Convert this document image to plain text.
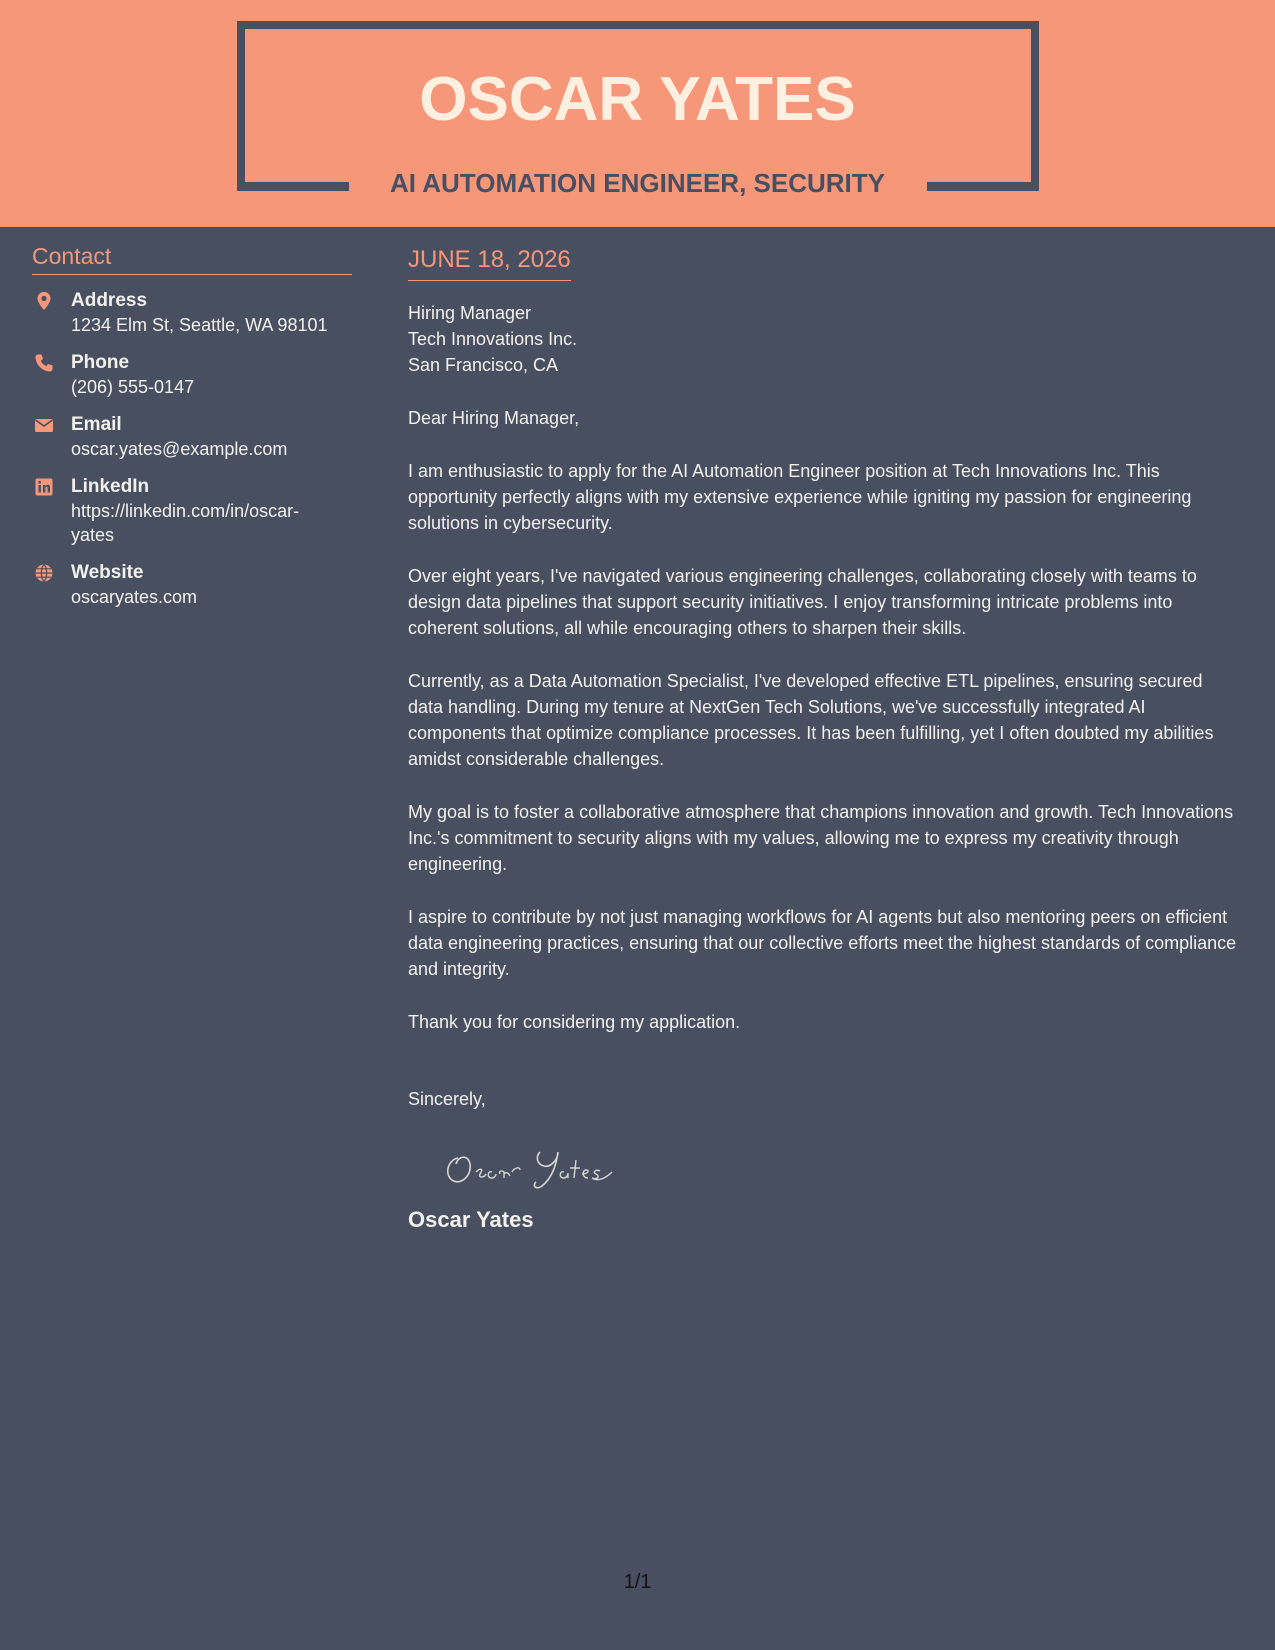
OSCAR YATES
AI AUTOMATION ENGINEER, SECURITY
Contact
Address
1234 Elm St, Seattle, WA 98101
Phone
(206) 555-0147
Email
oscar.yates@example.com
LinkedIn
https://linkedin.com/in/oscar-
yates
Website
oscaryates.com
JUNE 18, 2026
Hiring Manager
Tech Innovations Inc.
San Francisco, CA

Dear Hiring Manager,

I am enthusiastic to apply for the AI Automation Engineer position at Tech Innovations Inc. This opportunity perfectly aligns with my extensive experience while igniting my passion for engineering solutions in cybersecurity.

Over eight years, I've navigated various engineering challenges, collaborating closely with teams to design data pipelines that support security initiatives. I enjoy transforming intricate problems into coherent solutions, all while encouraging others to sharpen their skills.

Currently, as a Data Automation Specialist, I've developed effective ETL pipelines, ensuring secured data handling. During my tenure at NextGen Tech Solutions, we've successfully integrated AI components that optimize compliance processes. It has been fulfilling, yet I often doubted my abilities amidst considerable challenges.

My goal is to foster a collaborative atmosphere that champions innovation and growth. Tech Innovations Inc.'s commitment to security aligns with my values, allowing me to express my creativity through engineering.

I aspire to contribute by not just managing workflows for AI agents but also mentoring peers on efficient data engineering practices, ensuring that our collective efforts meet the highest standards of compliance and integrity.

Thank you for considering my application.

Sincerely,

Oscar Yates
1/1
